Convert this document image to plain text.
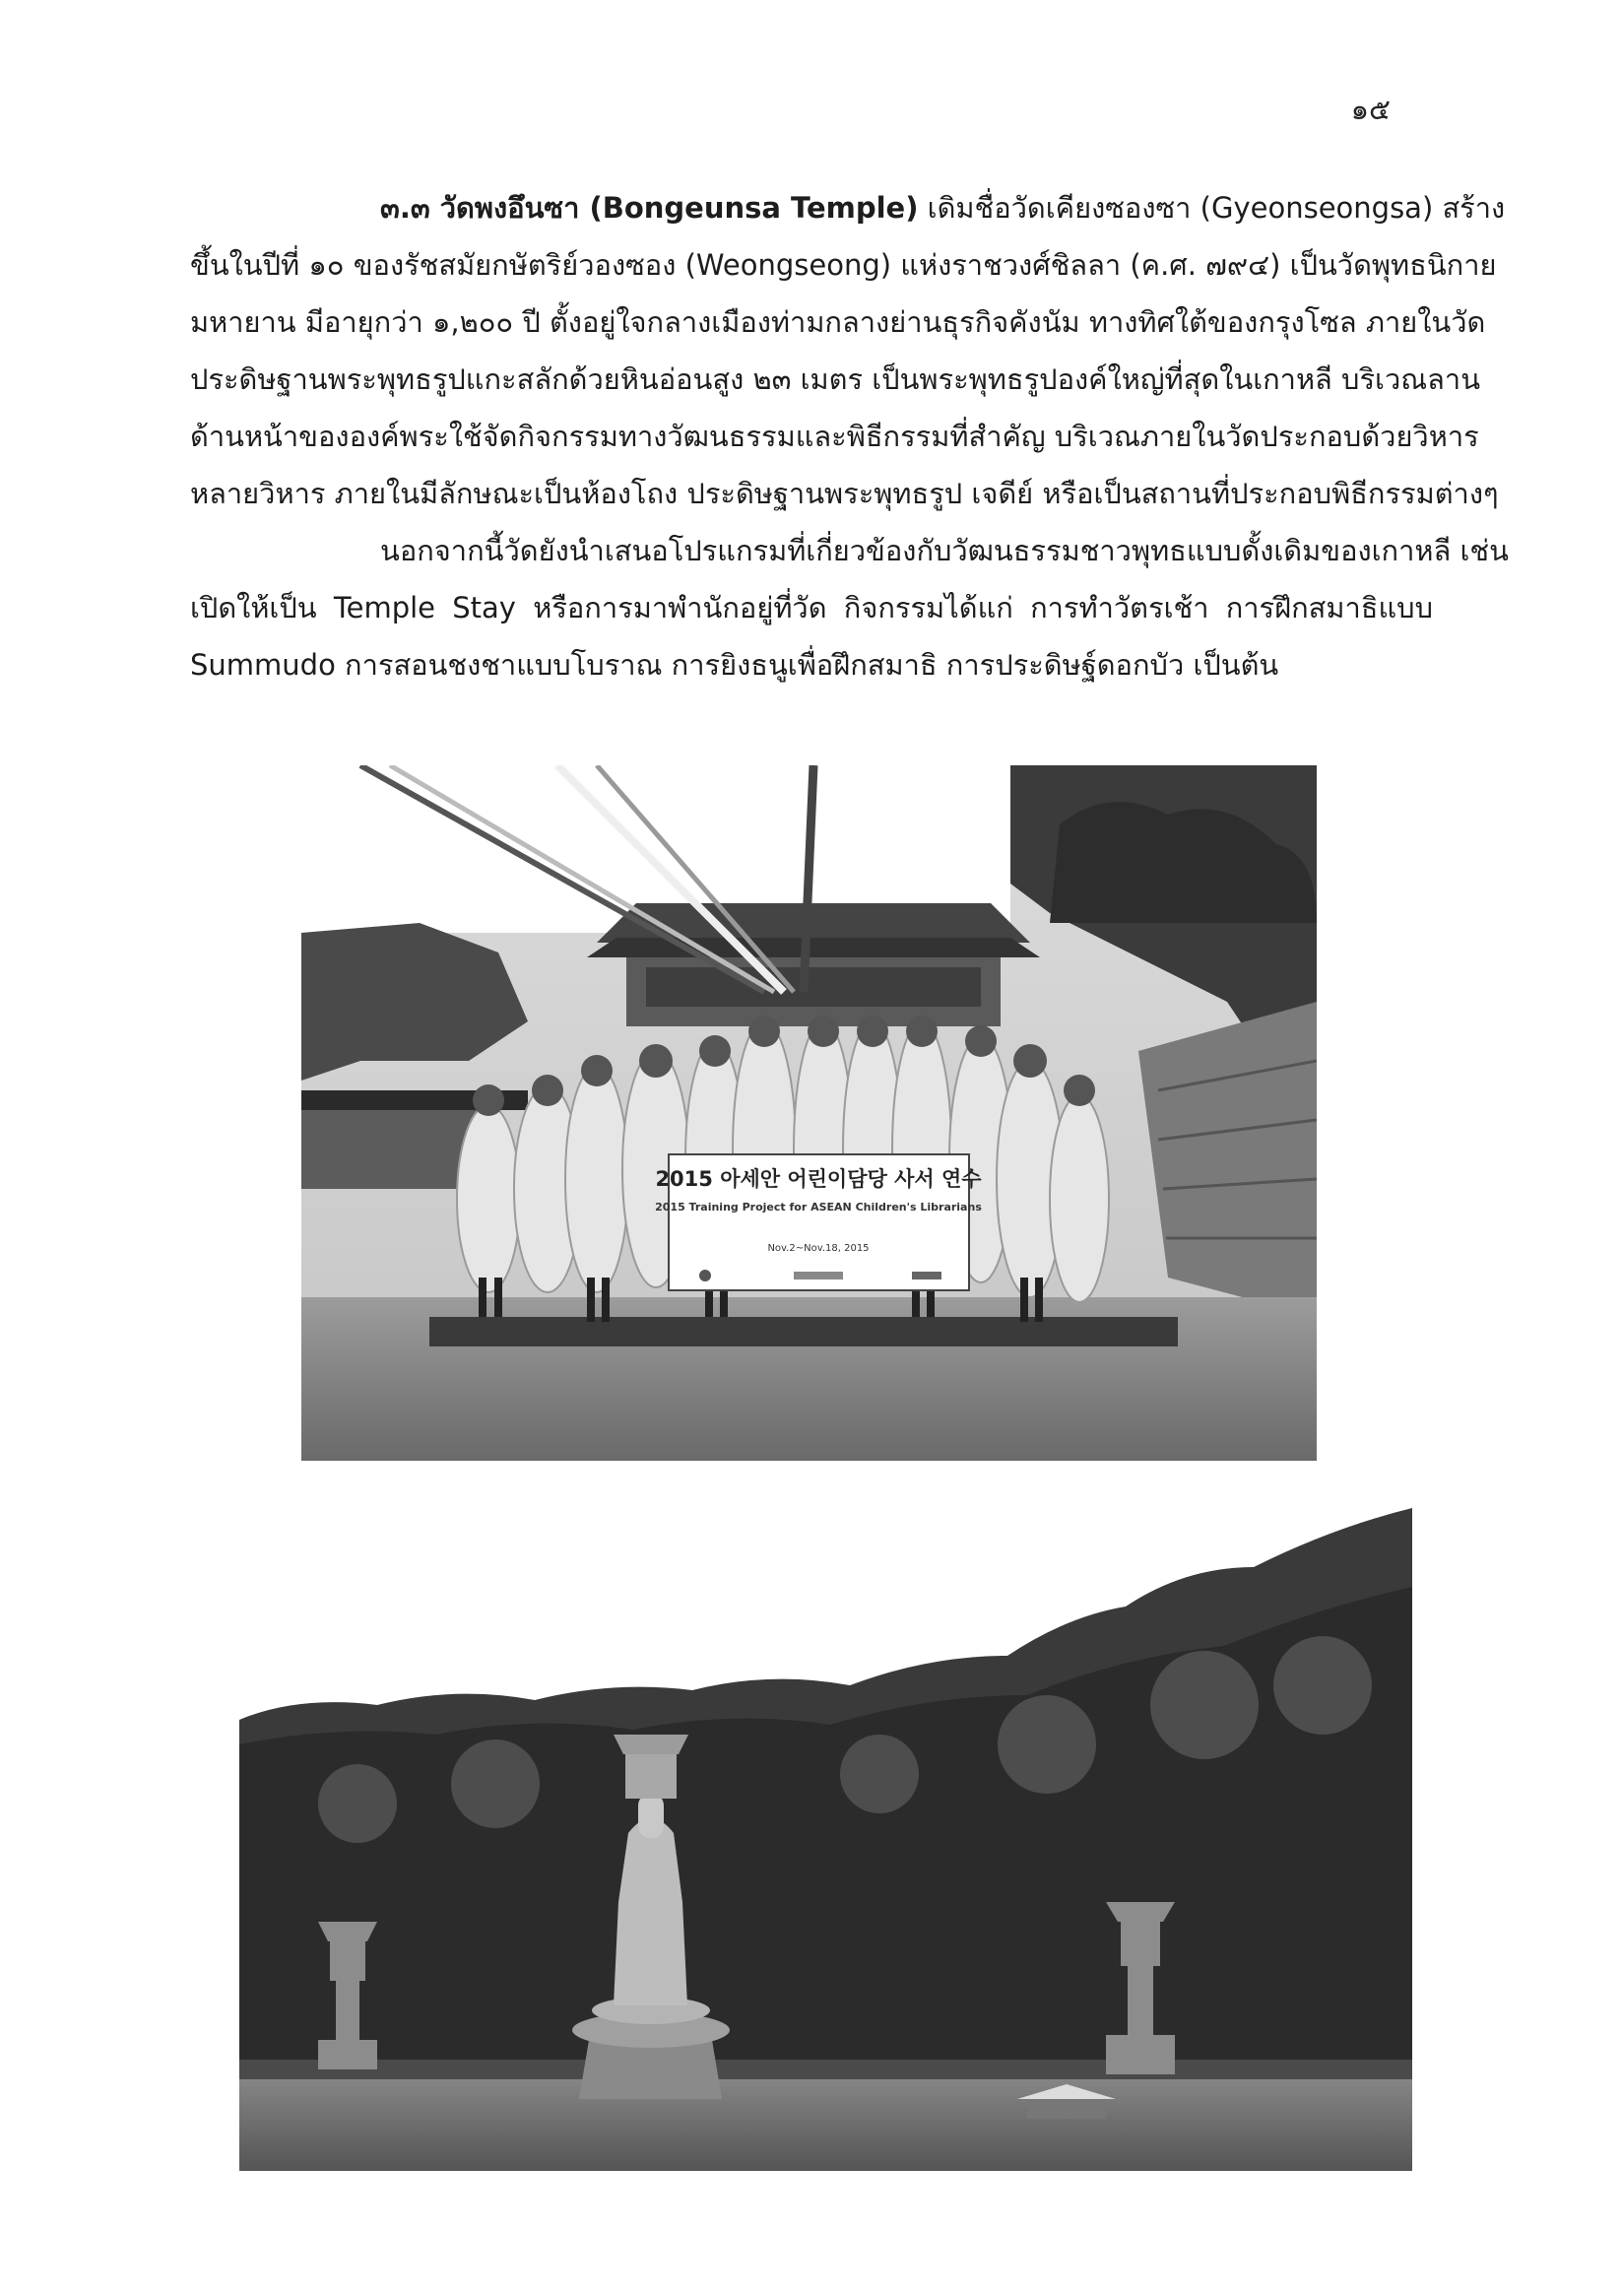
๑๕
๓.๓ วัดพงอึนซา (Bongeunsa Temple) เดิมชื่อวัดเคียงซองซา (Gyeonseongsa) สร้าง
ขึ้นในปีที่ ๑๐ ของรัชสมัยกษัตริย์วองซอง (Weongseong) แห่งราชวงศ์ชิลลา (ค.ศ. ๗๙๔) เป็นวัดพุทธนิกาย
มหายาน มีอายุกว่า ๑,๒๐๐ ปี ตั้งอยู่ใจกลางเมืองท่ามกลางย่านธุรกิจคังนัม ทางทิศใต้ของกรุงโซล ภายในวัด
ประดิษฐานพระพุทธรูปแกะสลักด้วยหินอ่อนสูง ๒๓ เมตร เป็นพระพุทธรูปองค์ใหญ่ที่สุดในเกาหลี บริเวณลาน
ด้านหน้าขององค์พระใช้จัดกิจกรรมทางวัฒนธรรมและพิธีกรรมที่สำคัญ บริเวณภายในวัดประกอบด้วยวิหาร
หลายวิหาร ภายในมีลักษณะเป็นห้องโถง ประดิษฐานพระพุทธรูป เจดีย์ หรือเป็นสถานที่ประกอบพิธีกรรมต่างๆ
นอกจากนี้วัดยังนำเสนอโปรแกรมที่เกี่ยวข้องกับวัฒนธรรมชาวพุทธแบบดั้งเดิมของเกาหลี เช่น
เปิดให้เป็น Temple Stay หรือการมาพำนักอยู่ที่วัด กิจกรรมได้แก่ การทำวัตรเช้า การฝึกสมาธิแบบ
Summudo การสอนชงชาแบบโบราณ การยิงธนูเพื่อฝึกสมาธิ การประดิษฐ์ดอกบัว เป็นต้น
2015 아세안 어린이담당 사서 연수
2015 Training Project for ASEAN Children's Librarians
Nov.2~Nov.18, 2015
